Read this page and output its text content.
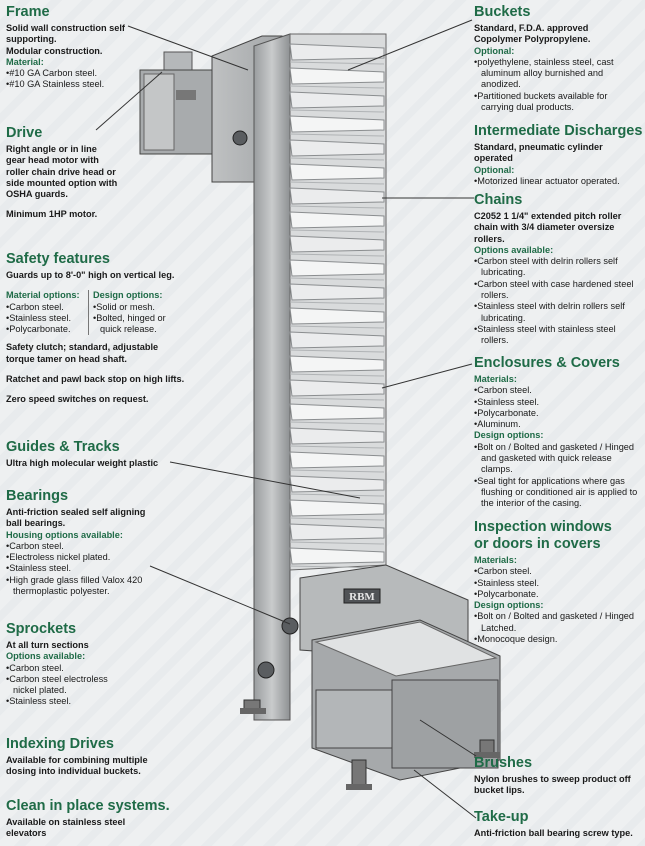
RBM
Frame

Solid wall construction self

supporting.

Modular construction.

Material:
• #10 GA Carbon steel.
• #10 GA Stainless steel.
Drive

Right angle or in line

gear head motor with

roller chain drive head or

side mounted option with

OSHA guards.

Minimum 1HP motor.

Safety features

Guards up to 8'-0" high on vertical leg.

Material options:
• Carbon steel.
• Stainless steel.
• Polycarbonate.
Design options:
• Solid or mesh.
• Bolted, hinged or quick release.

Safety clutch; standard, adjustable

torque tamer on head shaft.

Ratchet and pawl back stop on high lifts.

Zero speed switches on request.

Guides & Tracks

Ultra high molecular weight plastic

Bearings

Anti-friction sealed self aligning

ball bearings.

Housing options available:
• Carbon steel.
• Electroless nickel plated.
• Stainless steel.
• High grade glass filled Valox 420 thermoplastic polyester.
Sprockets

At all turn sections

Options available:
• Carbon steel.
• Carbon steel electroless nickel plated.
• Stainless steel.
Indexing Drives

Available for combining multiple

dosing into individual buckets.

Clean in place systems.

Available on stainless steel

elevators

Buckets

Standard, F.D.A. approved

Copolymer Polypropylene.

Optional:
• polyethylene, stainless steel, cast aluminum alloy burnished and anodized.
• Partitioned buckets available for carrying dual products.
Intermediate Discharges

Standard, pneumatic cylinder

operated

Optional:
• Motorized linear actuator operated.
Chains

C2052 1 1/4" extended pitch roller

chain with 3/4 diameter oversize

rollers.

Options available:
• Carbon steel with delrin rollers self lubricating.
• Carbon steel with case hardened steel rollers.
• Stainless steel with delrin rollers self lubricating.
• Stainless steel with stainless steel rollers.
Enclosures & Covers
Materials:
• Carbon steel.
• Stainless steel.
• Polycarbonate.
• Aluminum.
Design options:
• Bolt on / Bolted and gasketed / Hinged and gasketed with quick release clamps.
• Seal tight for applications where gas flushing or conditioned air is applied to the interior of the casing.
Inspection windows
or doors in covers
Materials:
• Carbon steel.
• Stainless steel.
• Polycarbonate.
Design options:
• Bolt on / Bolted and gasketed / Hinged Latched.
• Monocoque design.
Brushes

Nylon brushes to sweep product off

bucket lips.

Take-up

Anti-friction ball bearing screw type.
